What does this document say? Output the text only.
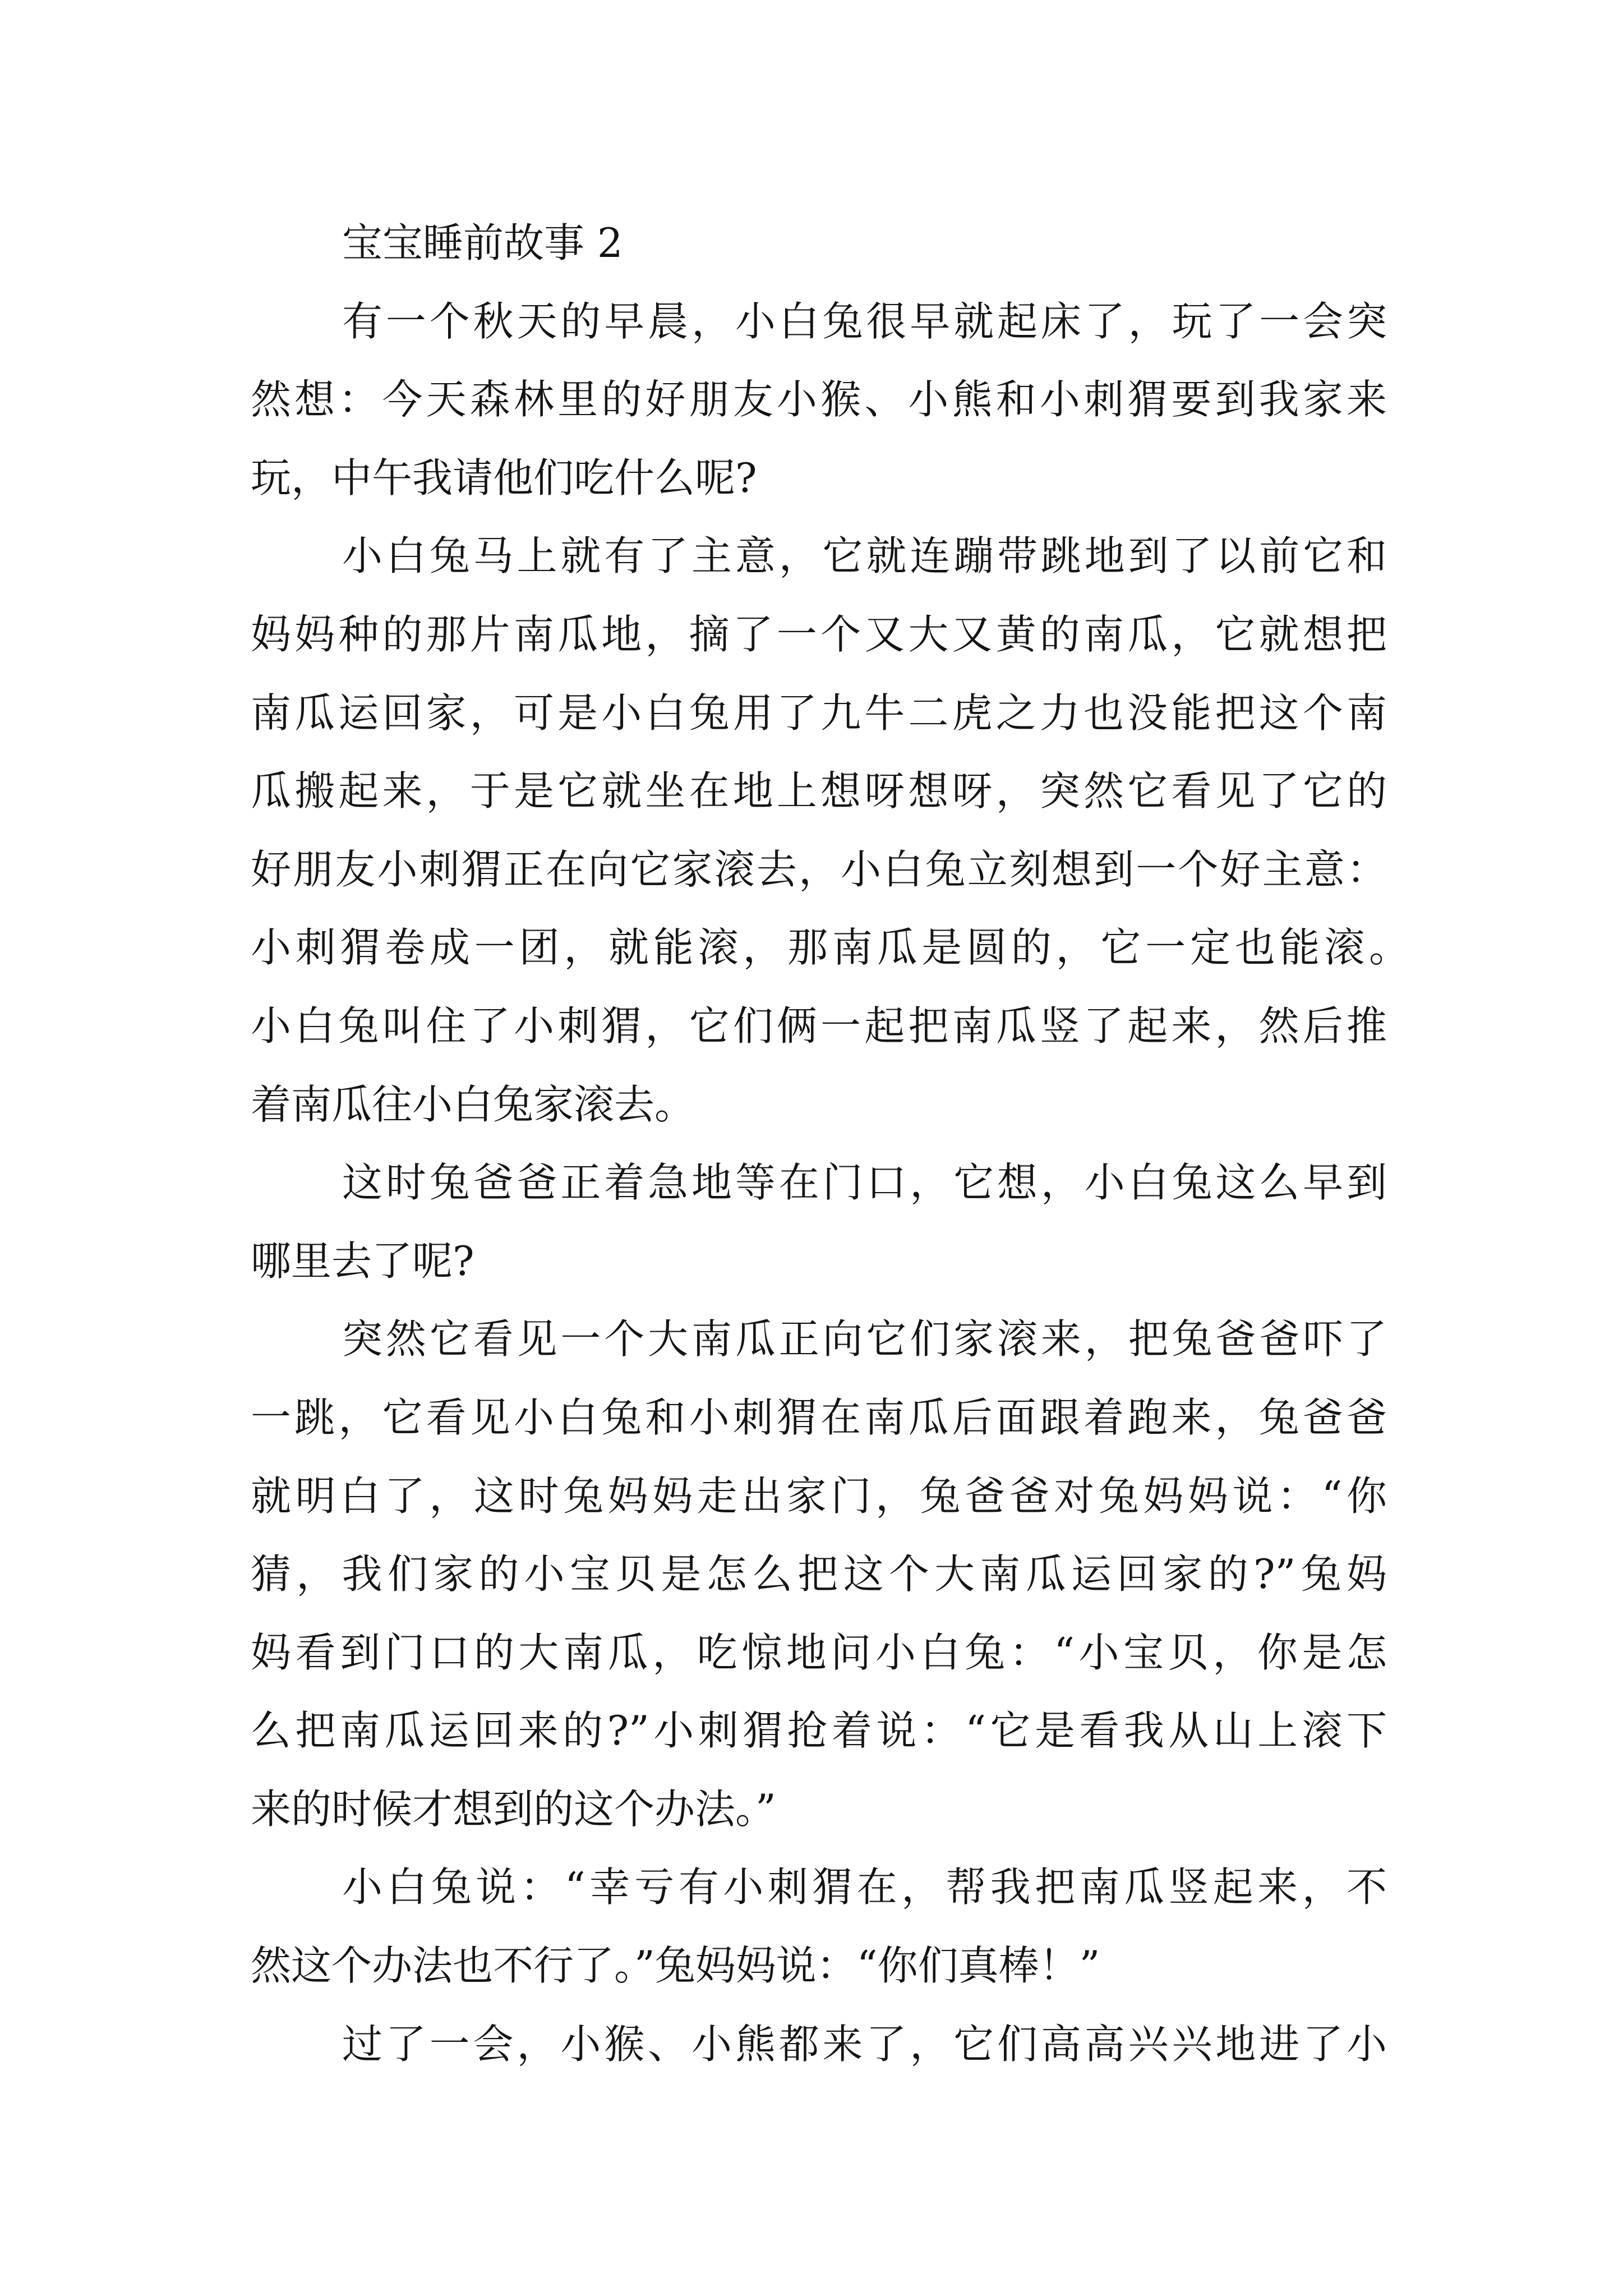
宝宝睡前故事 2
有一个秋天的早晨，小白兔很早就起床了，玩了一会突
然想：今天森林里的好朋友小猴、小熊和小刺猬要到我家来
玩，中午我请他们吃什么呢?
小白兔马上就有了主意，它就连蹦带跳地到了以前它和
妈妈种的那片南瓜地，摘了一个又大又黄的南瓜，它就想把
南瓜运回家，可是小白兔用了九牛二虎之力也没能把这个南
瓜搬起来，于是它就坐在地上想呀想呀，突然它看见了它的
好朋友小刺猬正在向它家滚去，小白兔立刻想到一个好主意：
小刺猬卷成一团，就能滚，那南瓜是圆的，它一定也能滚。
小白兔叫住了小刺猬，它们俩一起把南瓜竖了起来，然后推
着南瓜往小白兔家滚去。
这时兔爸爸正着急地等在门口，它想，小白兔这么早到
哪里去了呢?
突然它看见一个大南瓜正向它们家滚来，把兔爸爸吓了
一跳，它看见小白兔和小刺猬在南瓜后面跟着跑来，兔爸爸
就明白了，这时兔妈妈走出家门，兔爸爸对兔妈妈说：“你
猜，我们家的小宝贝是怎么把这个大南瓜运回家的?”兔妈
妈看到门口的大南瓜，吃惊地问小白兔：“小宝贝，你是怎
么把南瓜运回来的?”小刺猬抢着说：“它是看我从山上滚下
来的时候才想到的这个办法。”
小白兔说：“幸亏有小刺猬在，帮我把南瓜竖起来，不
然这个办法也不行了。”兔妈妈说：“你们真棒！”
过了一会，小猴、小熊都来了，它们高高兴兴地进了小
